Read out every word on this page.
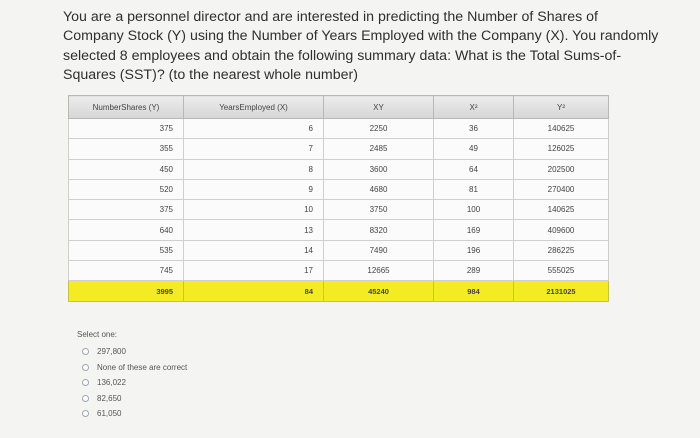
You are a personnel director and are interested in predicting the Number of Shares of
Company Stock (Y) using the Number of Years Employed with the Company (X). You randomly
selected 8 employees and obtain the following summary data: What is the Total Sums-of-
Squares (SST)? (to the nearest whole number)
NumberShares (Y)	YearsEmployed (X)	XY	X²	Y²
375	6	2250	36	140625
355	7	2485	49	126025
450	8	3600	64	202500
520	9	4680	81	270400
375	10	3750	100	140625
640	13	8320	169	409600
535	14	7490	196	286225
745	17	12665	289	555025
3995	84	45240	984	2131025
Select one:
297,800
None of these are correct
136,022
82,650
61,050
